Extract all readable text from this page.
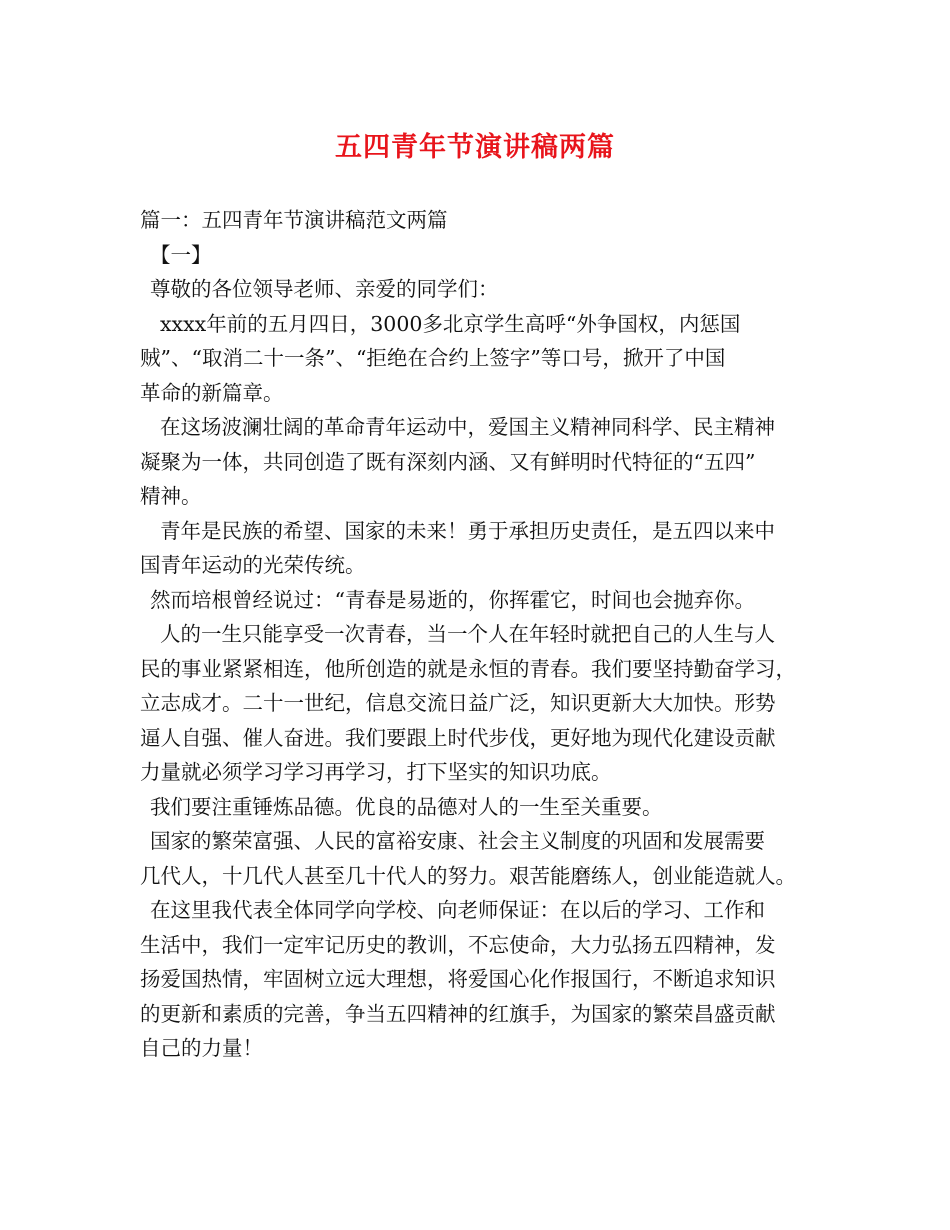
五四青年节演讲稿两篇
篇一：五四青年节演讲稿范文两篇
【一】
尊敬的各位领导老师、亲爱的同学们：
xxxx年前的五月四日，3000多北京学生高呼“外争国权，内惩国
贼”、“取消二十一条”、“拒绝在合约上签字”等口号，掀开了中国
革命的新篇章。
在这场波澜壮阔的革命青年运动中，爱国主义精神同科学、民主精神
凝聚为一体，共同创造了既有深刻内涵、又有鲜明时代特征的“五四”
精神。
青年是民族的希望、国家的未来！勇于承担历史责任，是五四以来中
国青年运动的光荣传统。
然而培根曾经说过：“青春是易逝的，你挥霍它，时间也会抛弃你。
人的一生只能享受一次青春，当一个人在年轻时就把自己的人生与人
民的事业紧紧相连，他所创造的就是永恒的青春。我们要坚持勤奋学习，
立志成才。二十一世纪，信息交流日益广泛，知识更新大大加快。形势
逼人自强、催人奋进。我们要跟上时代步伐，更好地为现代化建设贡献
力量就必须学习学习再学习，打下坚实的知识功底。
我们要注重锤炼品德。优良的品德对人的一生至关重要。
国家的繁荣富强、人民的富裕安康、社会主义制度的巩固和发展需要
几代人，十几代人甚至几十代人的努力。艰苦能磨练人，创业能造就人。
在这里我代表全体同学向学校、向老师保证：在以后的学习、工作和
生活中，我们一定牢记历史的教训，不忘使命，大力弘扬五四精神，发
扬爱国热情，牢固树立远大理想，将爱国心化作报国行，不断追求知识
的更新和素质的完善，争当五四精神的红旗手，为国家的繁荣昌盛贡献
自己的力量！
